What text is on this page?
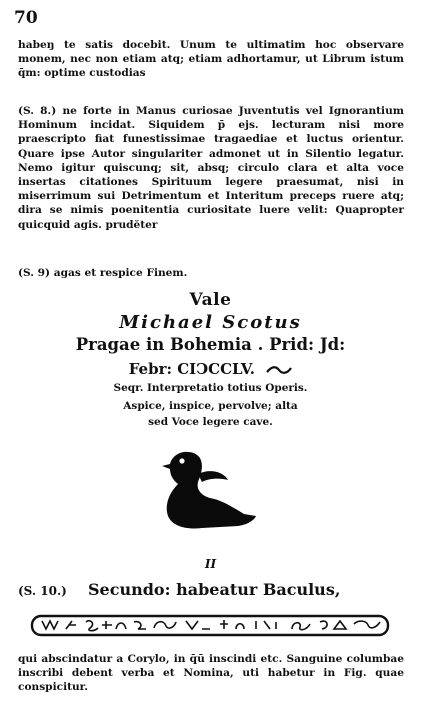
70
habeŋ te satis docebit. Unum te ultimatim hoc observare monem, nec non etiam atq; etiam adhortamur, ut Librum istum q̄m: optime custodias
(S. 8.) ne forte in Manus curiosae Juventutis vel Ignorantium Hominum incidat. Siquidem p̄ ejs. lecturam nisi more praescripto fiat funestissimae tragaediae et luctus orientur. Quare ipse Autor singulariter admonet ut in Silentio legatur. Nemo igitur quiscunq; sit, absq; circulo clara et alta voce insertas citationes Spirituum legere praesumat, nisi in miserrimum sui Detrimentum et Interitum preceps ruere atq; dira se nimis poenitentia curiositate luere velit: Quapropter quicquid agis. prudĕter
(S. 9) agas et respice Finem.
Vale
Michael Scotus
Pragae in Bohemia . Prid: Jd:
Febr: CIↃCCLV.
Seqr. Interpretatio totius Operis.
Aspice, inspice, pervolve; alta
sed Voce legere cave.
II
(S. 10.) Secundo: habeatur Baculus,
qui abscindatur a Corylo, in q̄ū inscindi etc. Sanguine columbae inscribi debent verba et Nomina, uti habetur in Fig. quae conspicitur.
